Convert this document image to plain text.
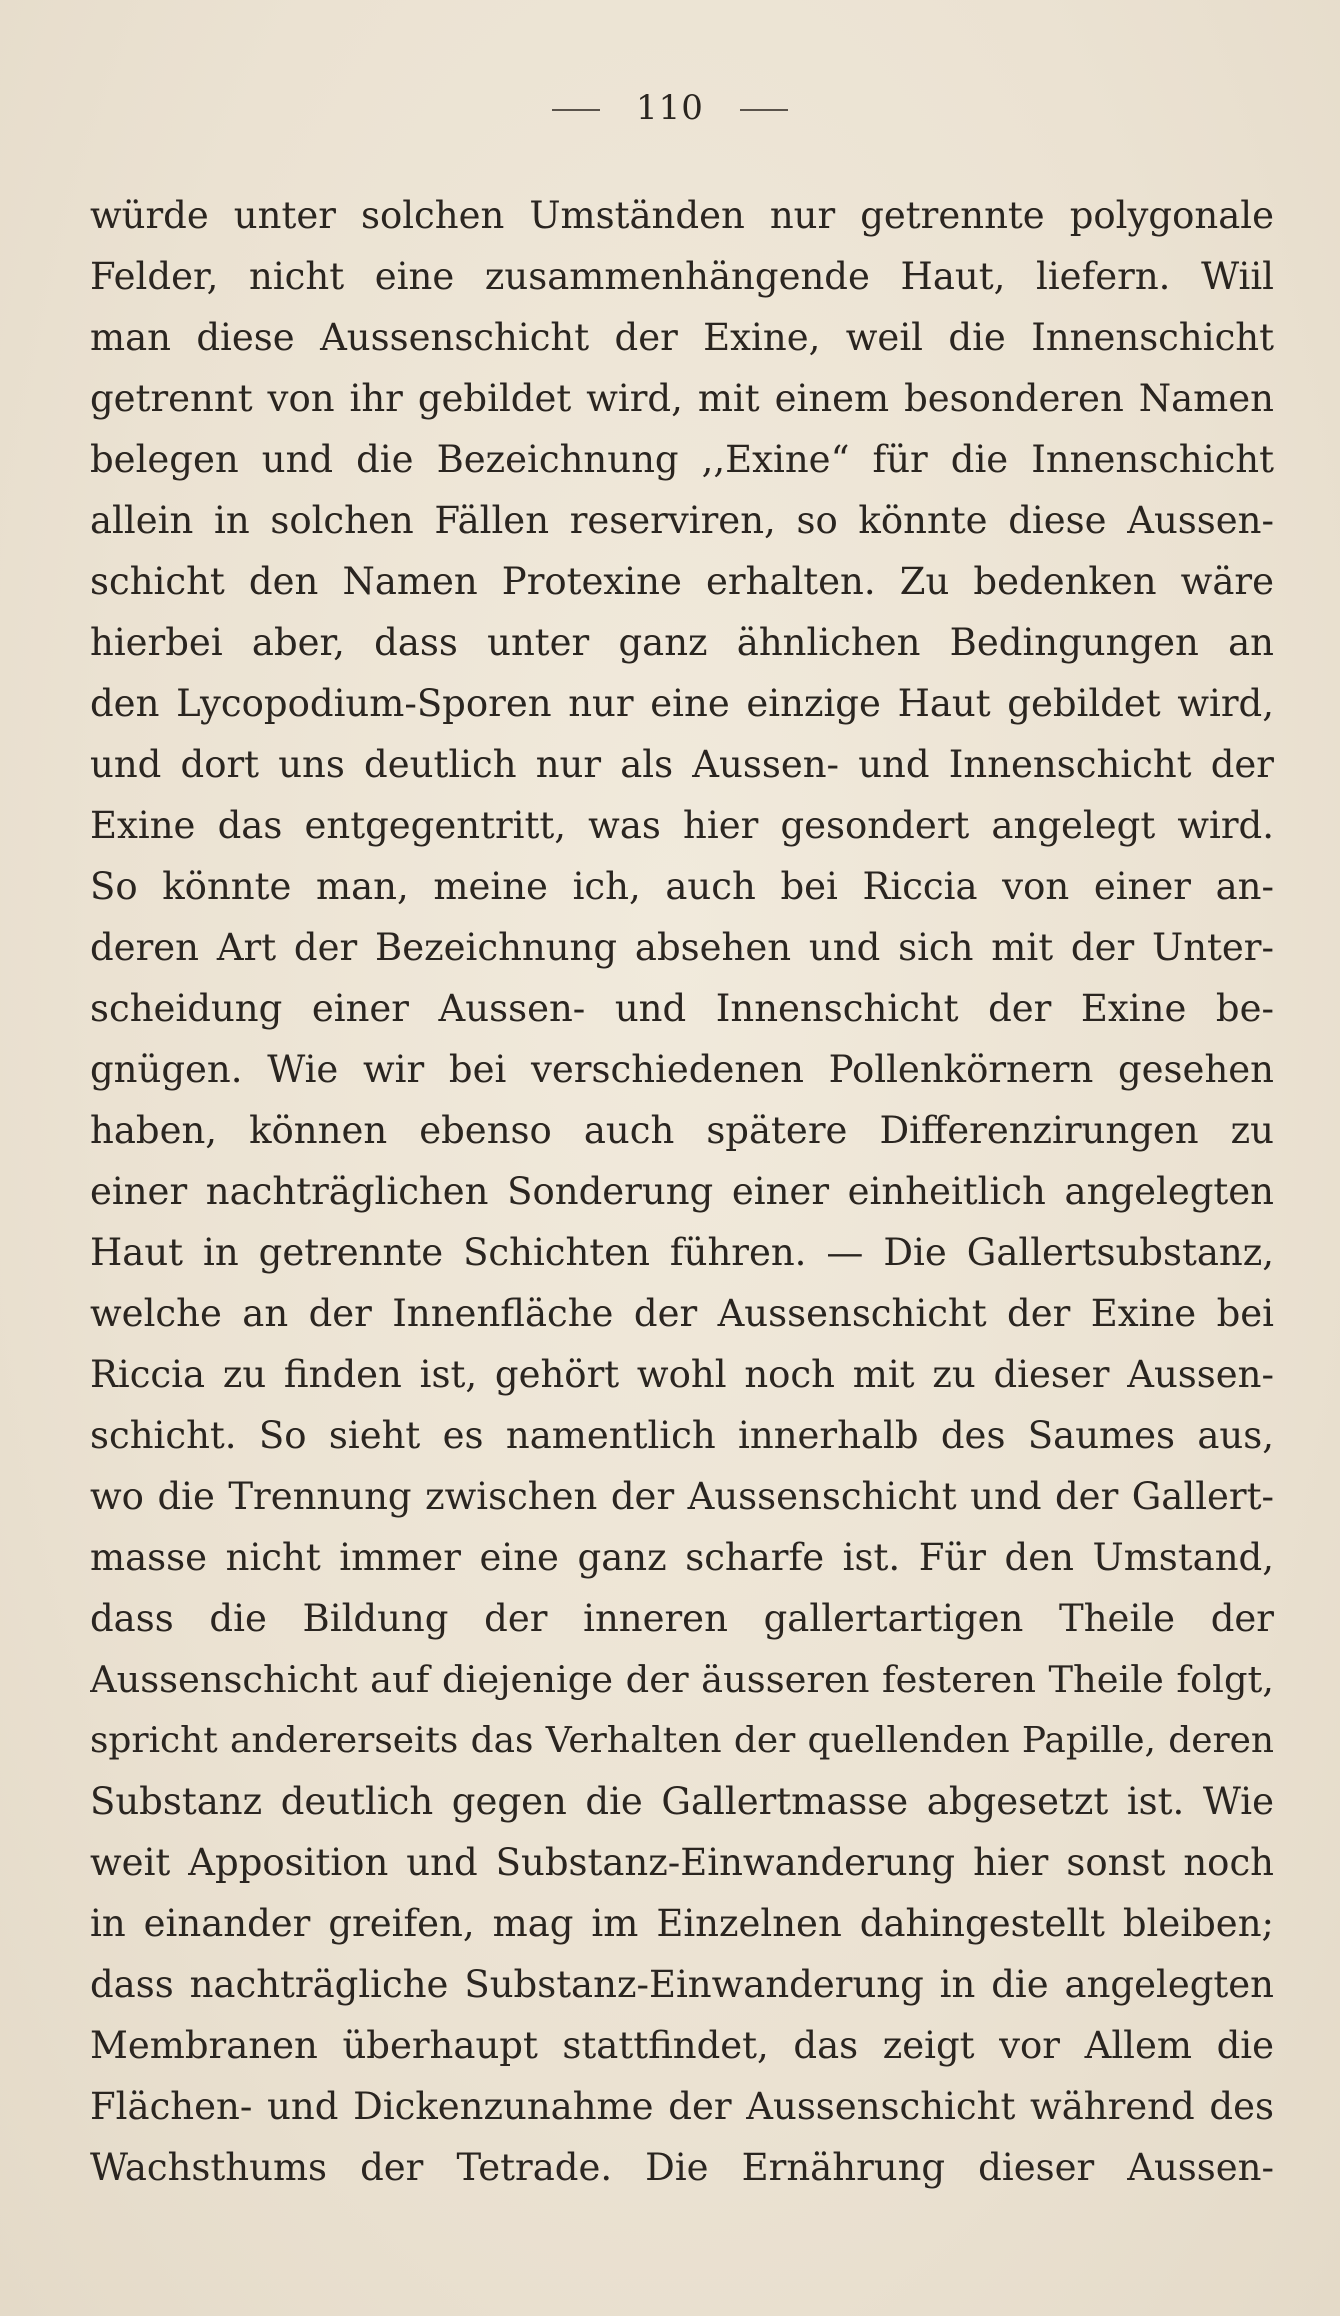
110
würde unter solchen Umständen nur getrennte polygonale
Felder, nicht eine zusammenhängende Haut, liefern. Wiil
man diese Aussenschicht der Exine, weil die Innenschicht
getrennt von ihr gebildet wird, mit einem besonderen Namen
belegen und die Bezeichnung ,,Exine“ für die Innenschicht
allein in solchen Fällen reserviren, so könnte diese Aussen-
schicht den Namen Protexine erhalten. Zu bedenken wäre
hierbei aber, dass unter ganz ähnlichen Bedingungen an
den Lycopodium-Sporen nur eine einzige Haut gebildet wird,
und dort uns deutlich nur als Aussen- und Innenschicht der
Exine das entgegentritt, was hier gesondert angelegt wird.
So könnte man, meine ich, auch bei Riccia von einer an-
deren Art der Bezeichnung absehen und sich mit der Unter-
scheidung einer Aussen- und Innenschicht der Exine be-
gnügen. Wie wir bei verschiedenen Pollenkörnern gesehen
haben, können ebenso auch spätere Differenzirungen zu
einer nachträglichen Sonderung einer einheitlich angelegten
Haut in getrennte Schichten führen. — Die Gallertsubstanz,
welche an der Innenfläche der Aussenschicht der Exine bei
Riccia zu finden ist, gehört wohl noch mit zu dieser Aussen-
schicht. So sieht es namentlich innerhalb des Saumes aus,
wo die Trennung zwischen der Aussenschicht und der Gallert-
masse nicht immer eine ganz scharfe ist. Für den Umstand,
dass die Bildung der inneren gallertartigen Theile der
Aussenschicht auf diejenige der äusseren festeren Theile folgt,
spricht andererseits das Verhalten der quellenden Papille, deren
Substanz deutlich gegen die Gallertmasse abgesetzt ist. Wie
weit Apposition und Substanz-Einwanderung hier sonst noch
in einander greifen, mag im Einzelnen dahingestellt bleiben;
dass nachträgliche Substanz-Einwanderung in die angelegten
Membranen überhaupt stattfindet, das zeigt vor Allem die
Flächen- und Dickenzunahme der Aussenschicht während des
Wachsthums der Tetrade. Die Ernährung dieser Aussen-
